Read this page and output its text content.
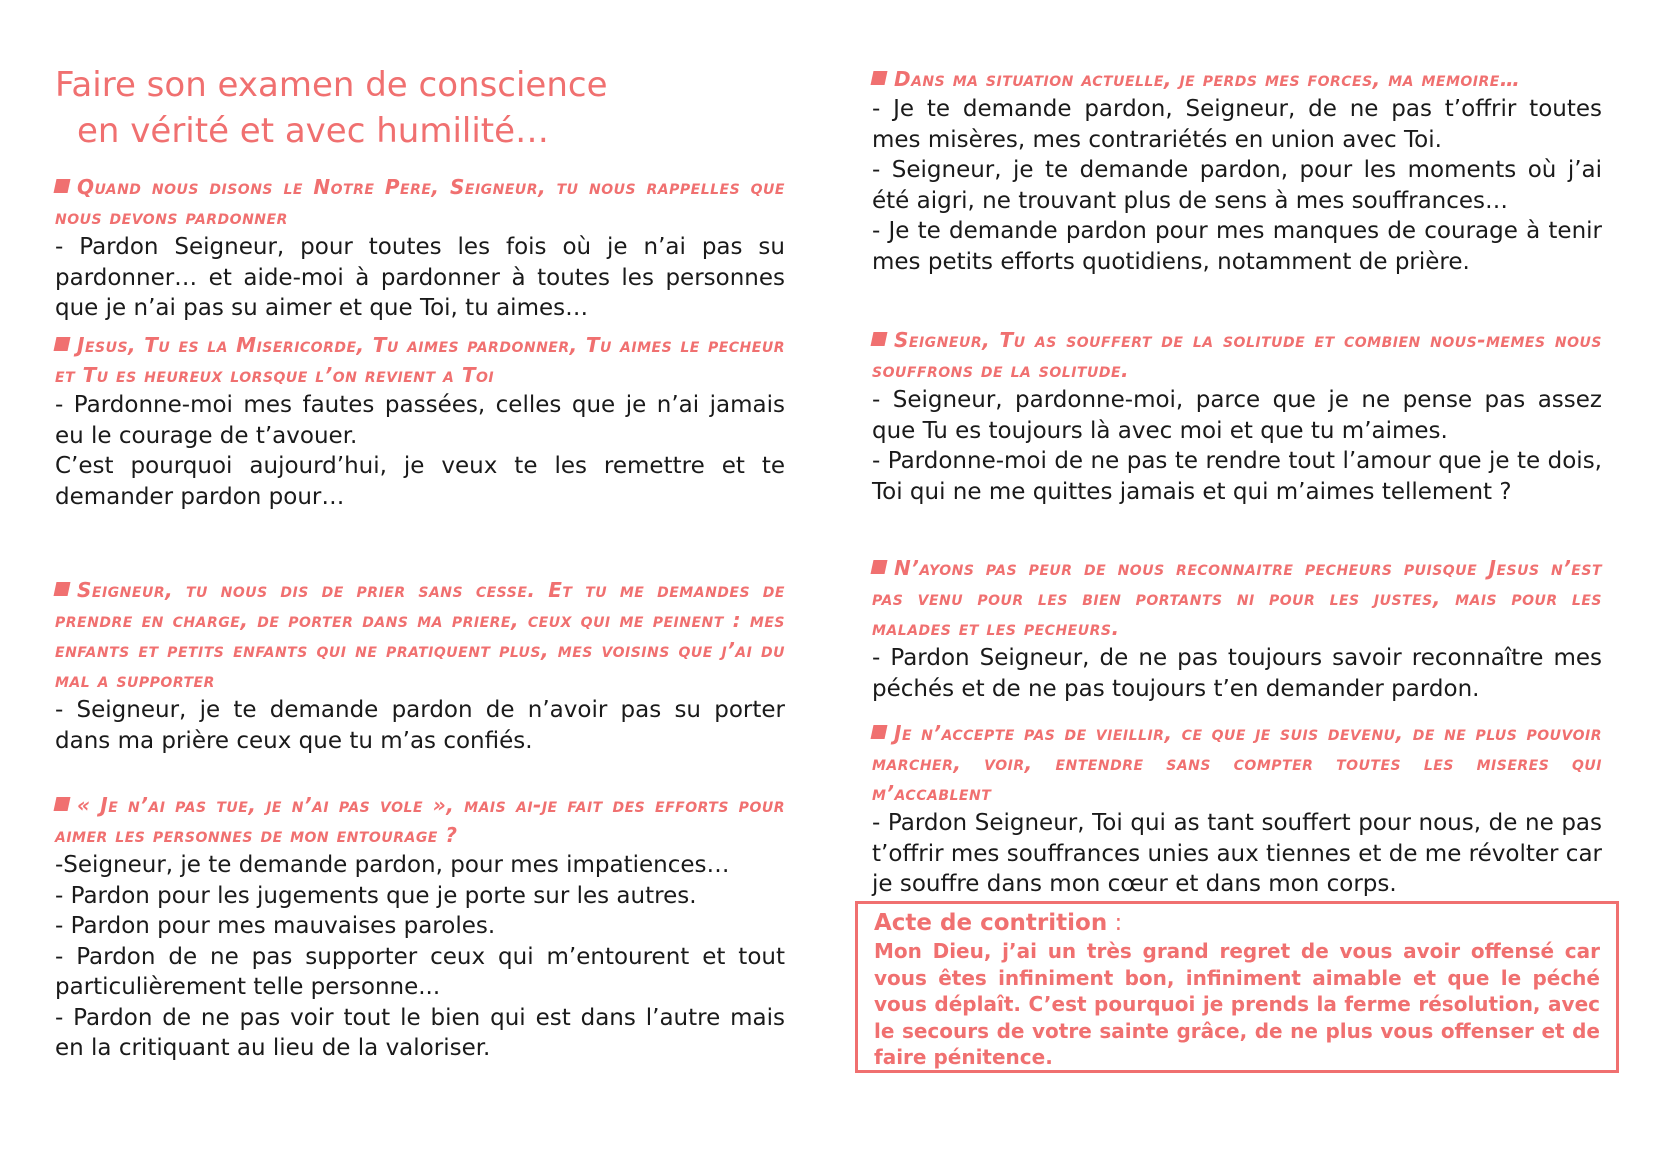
Faire son examen de conscience
en vérité et avec humilité…

Quand nous disons le Notre Pere, Seigneur, tu nous rappelles que nous devons pardonner

- Pardon Seigneur, pour toutes les fois où je n’ai pas su pardonner… et aide-moi à pardonner à toutes les personnes que je n’ai pas su aimer et que Toi, tu aimes…

Jesus, Tu es la Misericorde, Tu aimes pardonner, Tu aimes le pecheur et Tu es heureux lorsque l’on revient a Toi

- Pardonne-moi mes fautes passées, celles que je n’ai jamais eu le courage de t’avouer.
C’est pourquoi aujourd’hui, je veux te les remettre et te demander pardon pour…

Seigneur, tu nous dis de prier sans cesse. Et tu me demandes de prendre en charge, de porter dans ma priere, ceux qui me peinent : mes enfants et petits enfants qui ne pratiquent plus, mes voisins que j’ai du mal a supporter

- Seigneur, je te demande pardon de n’avoir pas su porter dans ma prière ceux que tu m’as confiés.

« Je n’ai pas tue, je n’ai pas vole », mais ai-je fait des efforts pour aimer les personnes de mon entourage ?

-Seigneur, je te demande pardon, pour mes impatiences…
- Pardon pour les jugements que je porte sur les autres.
- Pardon pour mes mauvaises paroles.
- Pardon de ne pas supporter ceux qui m’entourent et tout particulièrement telle personne...
- Pardon de ne pas voir tout le bien qui est dans l’autre mais en la critiquant au lieu de la valoriser.

Dans ma situation actuelle, je perds mes forces, ma memoire…

- Je te demande pardon, Seigneur, de ne pas t’offrir toutes mes misères, mes contrariétés en union avec Toi.
- Seigneur, je te demande pardon, pour les moments où j’ai été aigri, ne trouvant plus de sens à mes souffrances…
- Je te demande pardon pour mes manques de courage à tenir mes petits efforts quotidiens, notamment de prière.

Seigneur, Tu as souffert de la solitude et combien nous-memes nous souffrons de la solitude.

- Seigneur, pardonne-moi, parce que je ne pense pas assez que Tu es toujours là avec moi et que tu m’aimes.
- Pardonne-moi de ne pas te rendre tout l’amour que je te dois, Toi qui ne me quittes jamais et qui m’aimes tellement ?

N’ayons pas peur de nous reconnaitre pecheurs puisque Jesus n’est pas venu pour les bien portants ni pour les justes, mais pour les malades et les pecheurs.

- Pardon Seigneur, de ne pas toujours savoir reconnaître mes péchés et de ne pas toujours t’en demander pardon.

Je n’accepte pas de vieillir, ce que je suis devenu, de ne plus pouvoir marcher, voir, entendre sans compter toutes les miseres qui m’accablent

- Pardon Seigneur, Toi qui as tant souffert pour nous, de ne pas t’offrir mes souffrances unies aux tiennes et de me révolter car je souffre dans mon cœur et dans mon corps.

Acte de contrition :

Mon Dieu, j’ai un très grand regret de vous avoir offensé car vous êtes infiniment bon, infiniment aimable et que le péché vous déplaît. C’est pourquoi je prends la ferme résolution, avec le secours de votre sainte grâce, de ne plus vous offenser et de faire pénitence.
